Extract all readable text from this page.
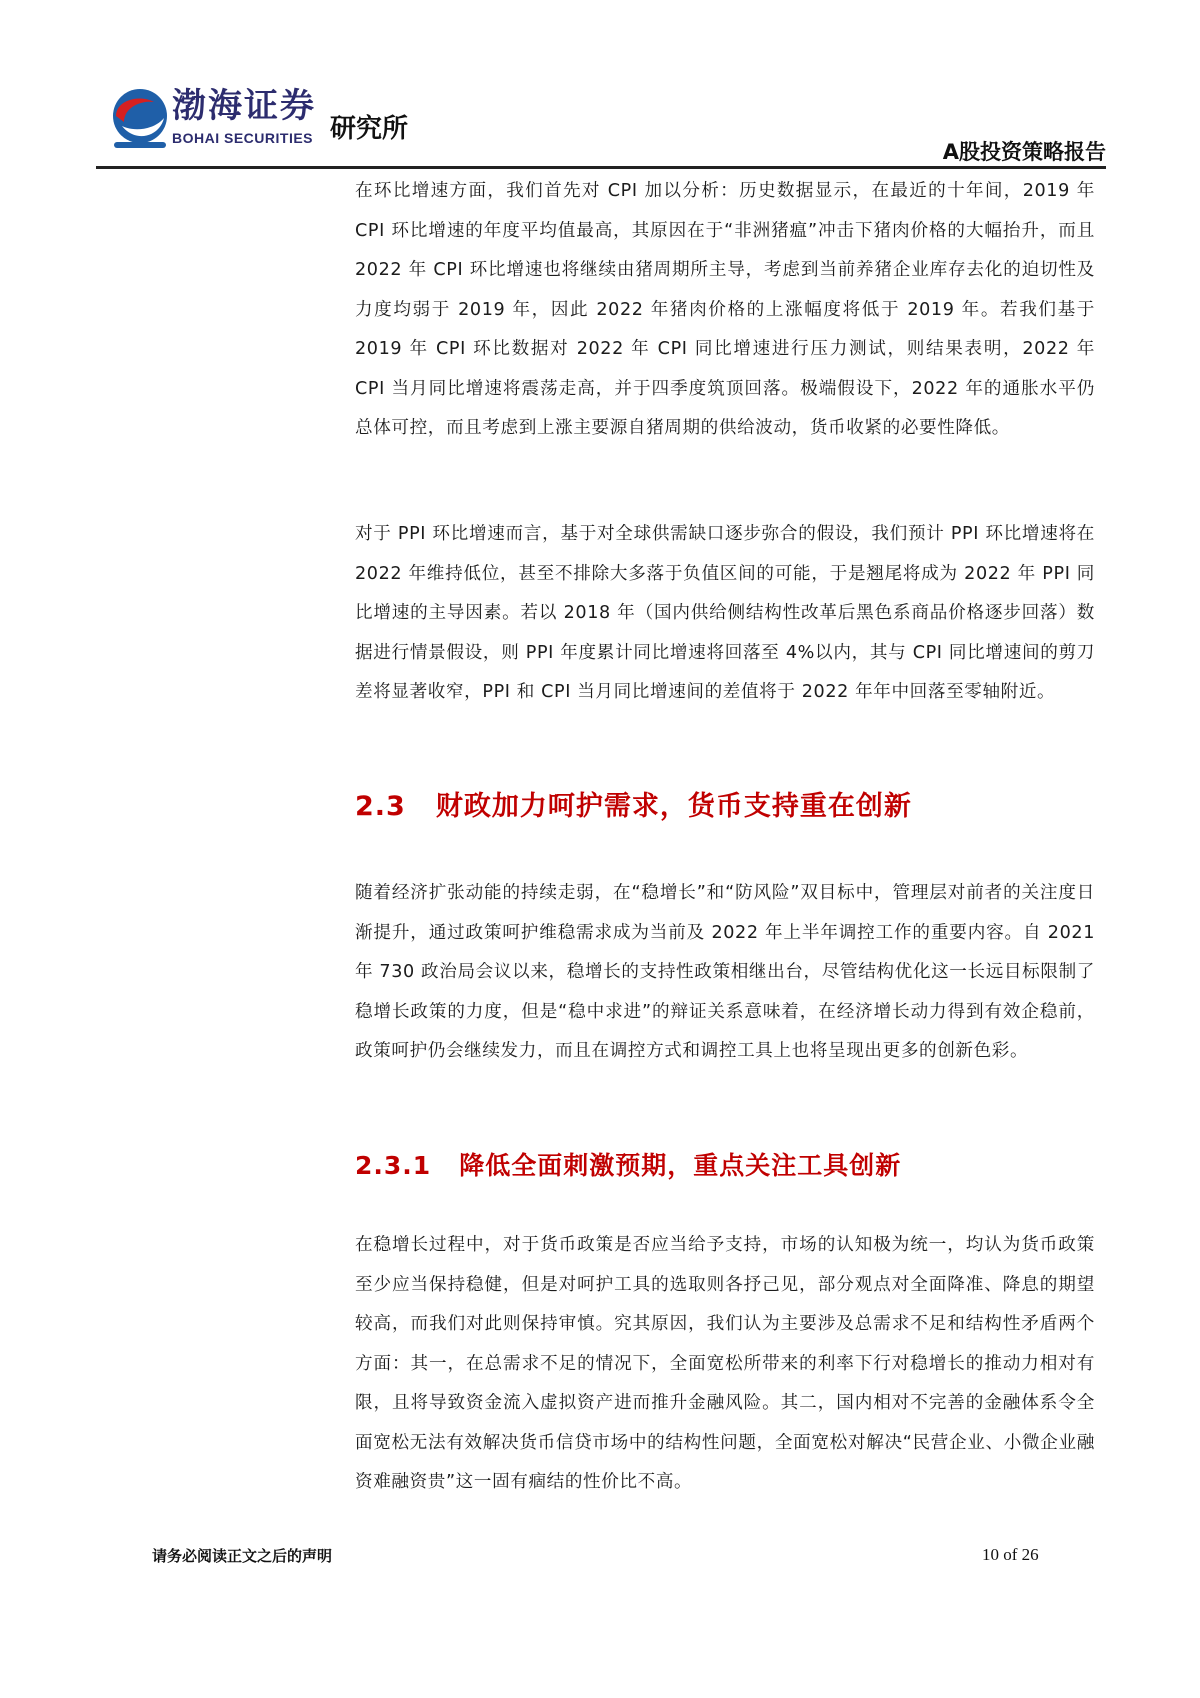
渤海证券
BOHAI SECURITIES 研究所
A股投资策略报告

在环比增速方面，我们首先对 CPI 加以分析：历史数据显示，在最近的十年间，2019 年 CPI 环比增速的年度平均值最高，其原因在于“非洲猪瘟”冲击下猪肉价格的大幅抬升，而且 2022 年 CPI 环比增速也将继续由猪周期所主导，考虑到当前养猪企业库存去化的迫切性及力度均弱于 2019 年，因此 2022 年猪肉价格的上涨幅度将低于 2019 年。若我们基于 2019 年 CPI 环比数据对 2022 年 CPI 同比增速进行压力测试，则结果表明，2022 年 CPI 当月同比增速将震荡走高，并于四季度筑顶回落。极端假设下，2022 年的通胀水平仍总体可控，而且考虑到上涨主要源自猪周期的供给波动，货币收紧的必要性降低。

对于 PPI 环比增速而言，基于对全球供需缺口逐步弥合的假设，我们预计 PPI 环比增速将在 2022 年维持低位，甚至不排除大多落于负值区间的可能，于是翘尾将成为 2022 年 PPI 同比增速的主导因素。若以 2018 年（国内供给侧结构性改革后黑色系商品价格逐步回落）数据进行情景假设，则 PPI 年度累计同比增速将回落至 4%以内，其与 CPI 同比增速间的剪刀差将显著收窄，PPI 和 CPI 当月同比增速间的差值将于 2022 年年中回落至零轴附近。

随着经济扩张动能的持续走弱，在“稳增长”和“防风险”双目标中，管理层对前者的关注度日渐提升，通过政策呵护维稳需求成为当前及 2022 年上半年调控工作的重要内容。自 2021 年 730 政治局会议以来，稳增长的支持性政策相继出台，尽管结构优化这一长远目标限制了稳增长政策的力度，但是“稳中求进”的辩证关系意味着，在经济增长动力得到有效企稳前，政策呵护仍会继续发力，而且在调控方式和调控工具上也将呈现出更多的创新色彩。

在稳增长过程中，对于货币政策是否应当给予支持，市场的认知极为统一，均认为货币政策至少应当保持稳健，但是对呵护工具的选取则各抒己见，部分观点对全面降准、降息的期望较高，而我们对此则保持审慎。究其原因，我们认为主要涉及总需求不足和结构性矛盾两个方面：其一，在总需求不足的情况下，全面宽松所带来的利率下行对稳增长的推动力相对有限，且将导致资金流入虚拟资产进而推升金融风险。其二，国内相对不完善的金融体系令全面宽松无法有效解决货币信贷市场中的结构性问题，全面宽松对解决“民营企业、小微企业融资难融资贵”这一固有痼结的性价比不高。

2.3 财政加力呵护需求，货币支持重在创新
2.3.1 降低全面刺激预期，重点关注工具创新
请务必阅读正文之后的声明	10 of 26
